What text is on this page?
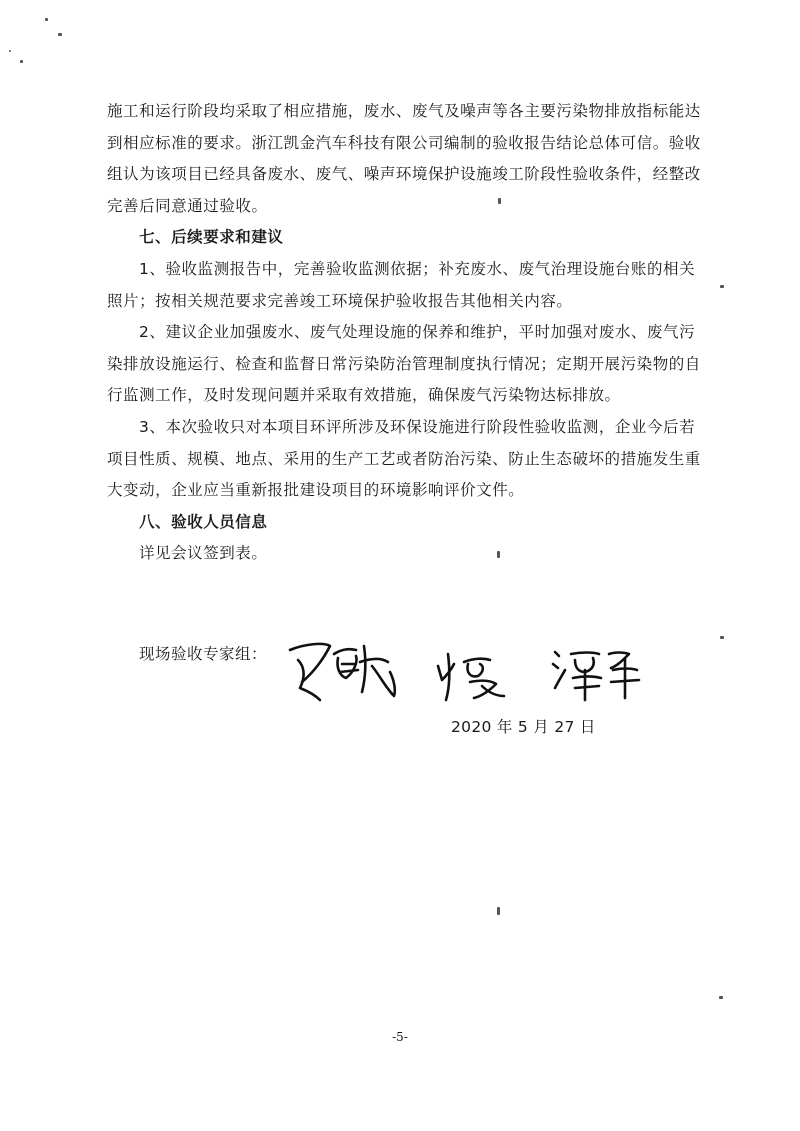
施工和运行阶段均采取了相应措施，废水、废气及噪声等各主要污染物排放指标能达到相应标准的要求。浙江凯金汽车科技有限公司编制的验收报告结论总体可信。验收组认为该项目已经具备废水、废气、噪声环境保护设施竣工阶段性验收条件，经整改完善后同意通过验收。

七、后续要求和建议

1、验收监测报告中，完善验收监测依据；补充废水、废气治理设施台账的相关照片；按相关规范要求完善竣工环境保护验收报告其他相关内容。

2、建议企业加强废水、废气处理设施的保养和维护，平时加强对废水、废气污染排放设施运行、检查和监督日常污染防治管理制度执行情况；定期开展污染物的自行监测工作，及时发现问题并采取有效措施，确保废气污染物达标排放。

3、本次验收只对本项目环评所涉及环保设施进行阶段性验收监测，企业今后若项目性质、规模、地点、采用的生产工艺或者防治污染、防止生态破坏的措施发生重大变动，企业应当重新报批建设项目的环境影响评价文件。

八、验收人员信息

详见会议签到表。

现场验收专家组：
2020 年 5 月 27 日
-5-
